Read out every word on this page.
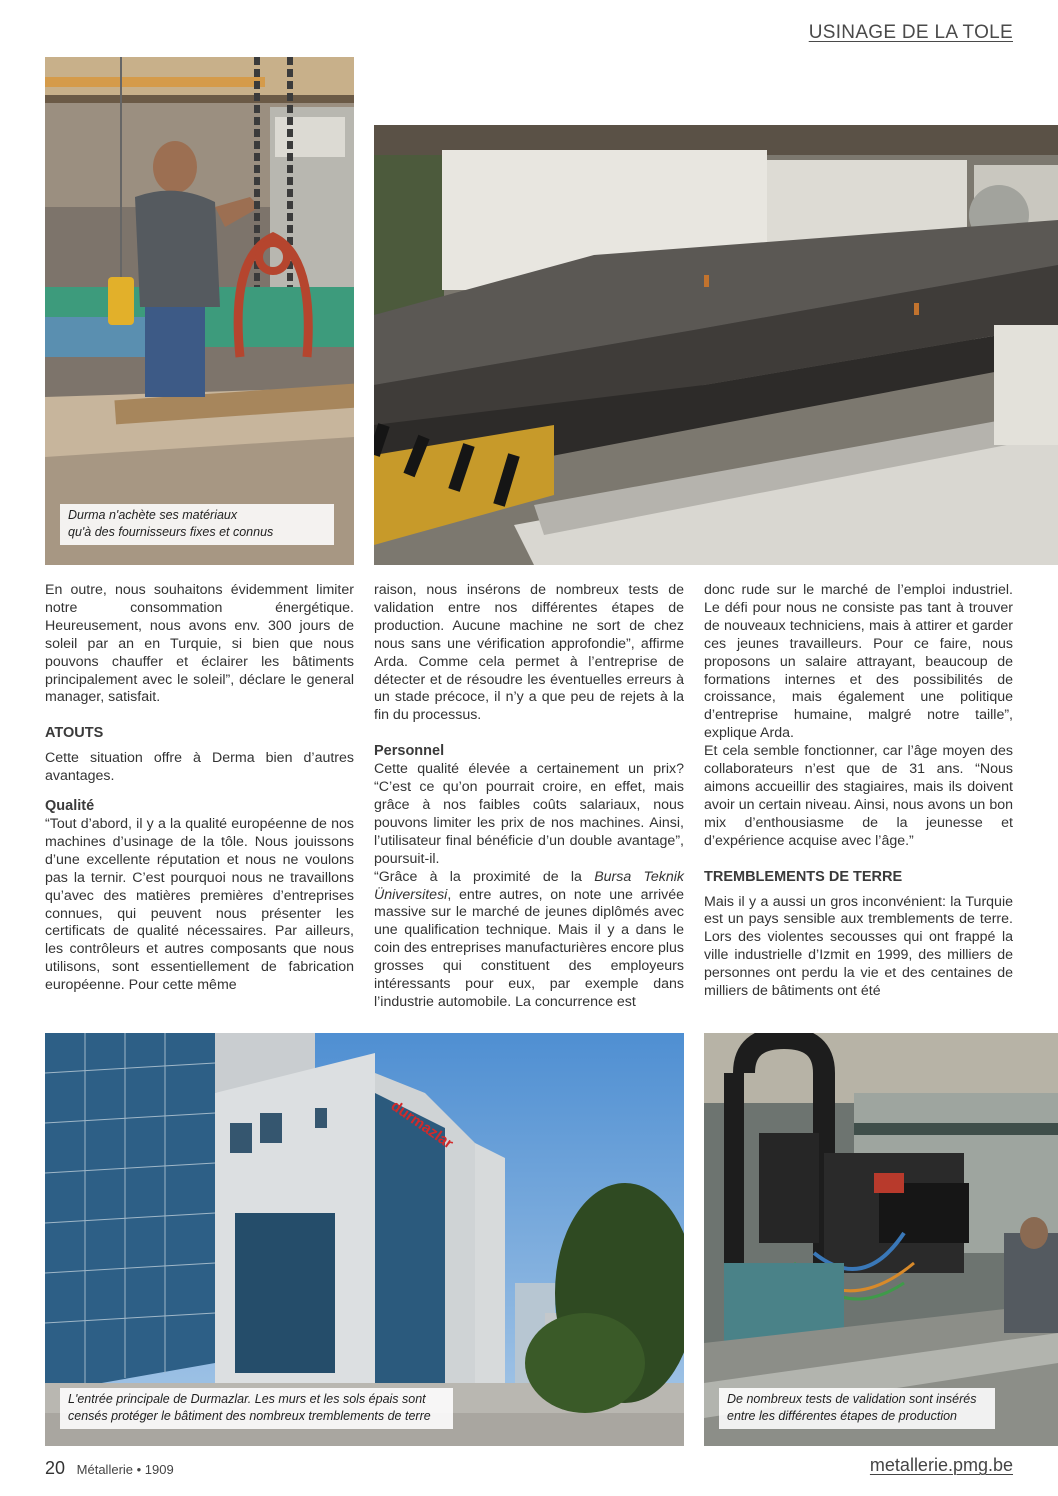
USINAGE DE LA TOLE
Durma n'achète ses matériaux
qu'à des fournisseurs fixes et connus

En outre, nous souhaitons évidemment limiter notre consommation énergétique. Heureusement, nous avons env. 300 jours de soleil par an en Turquie, si bien que nous pouvons chauffer et éclairer les bâtiments principalement avec le soleil”, déclare le general manager, satisfait.

ATOUTS

Cette situation offre à Derma bien d’autres avantages.

Qualité

“Tout d’abord, il y a la qualité européenne de nos machines d’usinage de la tôle. Nous jouissons d’une excellente réputation et nous ne voulons pas la ternir. C’est pourquoi nous ne travaillons qu’avec des matières premières d’entreprises connues, qui peuvent nous présenter les certificats de qualité nécessaires. Par ailleurs, les contrôleurs et autres composants que nous utilisons, sont essentiellement de fabrication européenne. Pour cette même

raison, nous insérons de nombreux tests de validation entre nos différentes étapes de production. Aucune machine ne sort de chez nous sans une vérification approfondie”, affirme Arda. Comme cela permet à l’entreprise de détecter et de résoudre les éventuelles erreurs à un stade précoce, il n’y a que peu de rejets à la fin du processus.

Personnel

Cette qualité élevée a certainement un prix? “C’est ce qu’on pourrait croire, en effet, mais grâce à nos faibles coûts salariaux, nous pouvons limiter les prix de nos machines. Ainsi, l’utilisateur final bénéficie d’un double avantage”, poursuit-il.

“Grâce à la proximité de la Bursa Teknik Üniversitesi, entre autres, on note une arrivée massive sur le marché de jeunes diplômés avec une qualification technique. Mais il y a dans le coin des entreprises manufacturières encore plus grosses qui constituent des employeurs intéressants pour eux, par exemple dans l’industrie automobile. La concurrence est

donc rude sur le marché de l’emploi industriel. Le défi pour nous ne consiste pas tant à trouver de nouveaux techniciens, mais à attirer et garder ces jeunes travailleurs. Pour ce faire, nous proposons un salaire attrayant, beaucoup de formations internes et des possibilités de croissance, mais également une politique d’entreprise humaine, malgré notre taille”, explique Arda.

Et cela semble fonctionner, car l’âge moyen des collaborateurs n’est que de 31 ans. “Nous aimons accueillir des stagiaires, mais ils doivent avoir un certain niveau. Ainsi, nous avons un bon mix d’enthousiasme de la jeunesse et d’expérience acquise avec l’âge.”

TREMBLEMENTS DE TERRE

Mais il y a aussi un gros inconvénient: la Turquie est un pays sensible aux tremblements de terre. Lors des violentes secousses qui ont frappé la ville industrielle d’Izmit en 1999, des milliers de personnes ont perdu la vie et des centaines de milliers de bâtiments ont été

durmazlar
L'entrée principale de Durmazlar. Les murs et les sols épais sont
censés protéger le bâtiment des nombreux tremblements de terre
De nombreux tests de validation sont insérés
entre les différentes étapes de production
20 Métallerie • 1909	metallerie.pmg.be
